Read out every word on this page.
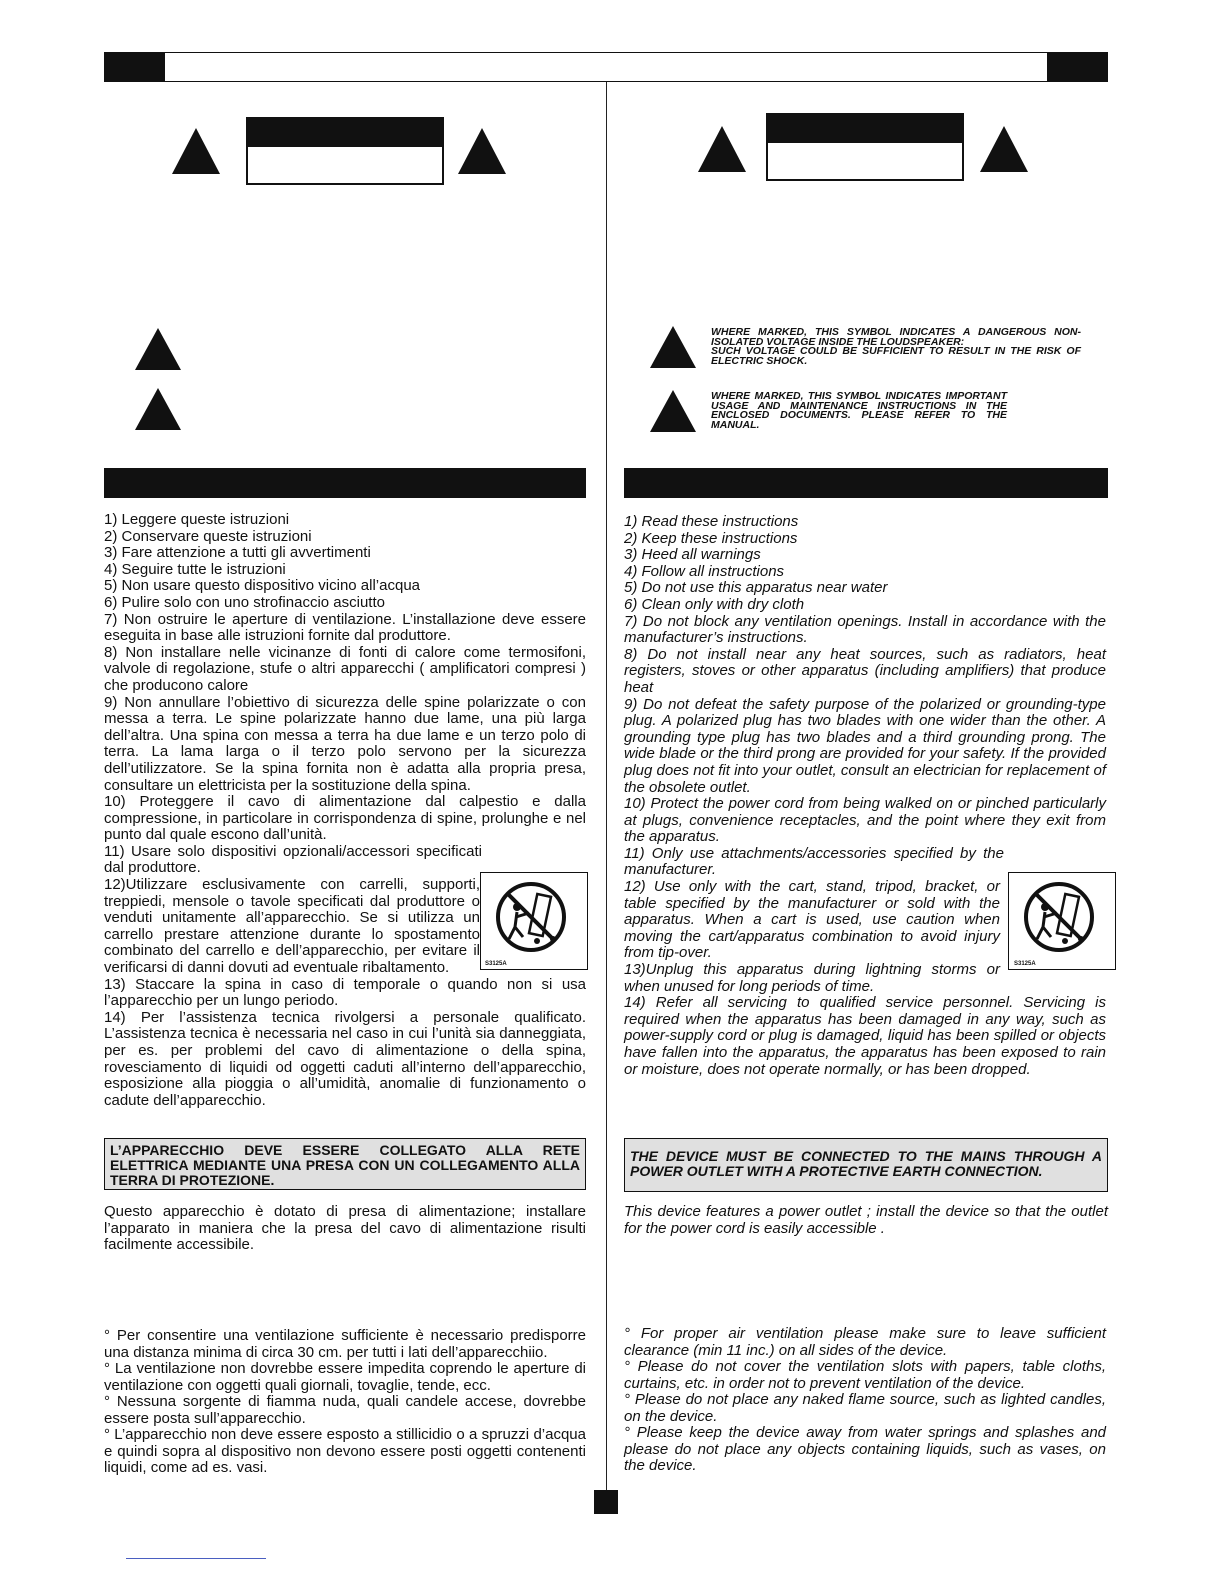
WHERE MARKED, THIS SYMBOL INDICATES A DANGEROUS NON-
ISOLATED VOLTAGE INSIDE THE LOUDSPEAKER:
SUCH VOLTAGE COULD BE SUFFICIENT TO RESULT IN THE RISK OF
ELECTRIC SHOCK.
WHERE MARKED, THIS SYMBOL INDICATES IMPORTANT
USAGE AND MAINTENANCE INSTRUCTIONS IN THE
ENCLOSED DOCUMENTS. PLEASE REFER TO THE
MANUAL.
1) Leggere queste istruzioni
2) Conservare queste istruzioni
3) Fare attenzione a tutti gli avvertimenti
4) Seguire tutte le istruzioni
5) Non usare questo dispositivo vicino all’acqua
6) Pulire solo con uno strofinaccio asciutto
7) Non ostruire le aperture di ventilazione. L’installazione deve essere eseguita in base alle istruzioni fornite dal produttore.
8) Non installare nelle vicinanze di fonti di calore come termosifoni, valvole di regolazione, stufe o altri apparecchi ( amplificatori compresi ) che producono calore
9) Non annullare l’obiettivo di sicurezza delle spine polarizzate o con messa a terra. Le spine polarizzate hanno due lame, una più larga dell’altra. Una spina con messa a terra ha due lame e un terzo polo di terra. La lama larga o il terzo polo servono per la sicurezza dell’utilizzatore. Se la spina fornita non è adatta alla propria presa, consultare un elettricista per la sostituzione della spina.
10) Proteggere il cavo di alimentazione dal calpestio e dalla compressione, in particolare in corrispondenza di spine, prolunghe e nel punto dal quale escono dall’unità.
11) Usare solo dispositivi opzionali/accessori specificati dal produttore.
12)Utilizzare esclusivamente con carrelli, supporti, treppiedi, mensole o tavole specificati dal produttore o venduti unitamente all’apparecchio. Se si utilizza un carrello prestare attenzione durante lo spostamento combinato del carrello e dell’apparecchio, per evitare il verificarsi di danni dovuti ad eventuale ribaltamento.
13) Staccare la spina in caso di temporale o quando non si usa l’apparecchio per un lungo periodo.
14) Per l’assistenza tecnica rivolgersi a personale qualificato. L’assistenza tecnica è necessaria nel caso in cui l’unità sia danneggiata, per es. per problemi del cavo di alimentazione o della spina, rovesciamento di liquidi od oggetti caduti all’interno dell’apparecchio, esposizione alla pioggia o all’umidità, anomalie di funzionamento o cadute dell’apparecchio.
S3125A
1) Read these instructions
2) Keep these instructions
3) Heed all warnings
4) Follow all instructions
5) Do not use this apparatus near water
6) Clean only with dry cloth
7) Do not block any ventilation openings. Install in accordance with the manufacturer’s instructions.
8) Do not install near any heat sources, such as radiators, heat registers, stoves or other apparatus (including amplifiers) that produce heat
9) Do not defeat the safety purpose of the polarized or grounding-type plug. A polarized plug has two blades with one wider than the other. A grounding type plug has two blades and a third grounding prong. The wide blade or the third prong are provided for your safety. If the provided plug does not fit into your outlet, consult an electrician for replacement of the obsolete outlet.
10) Protect the power cord from being walked on or pinched particularly at plugs, convenience receptacles, and the point where they exit from the apparatus.
11) Only use attachments/accessories specified by the manufacturer.
12) Use only with the cart, stand, tripod, bracket, or table specified by the manufacturer or sold with the apparatus. When a cart is used, use caution when moving the cart/apparatus combination to avoid injury from tip-over.
13)Unplug this apparatus during lightning storms or when unused for long periods of time.
14) Refer all servicing to qualified service personnel. Servicing is required when the apparatus has been damaged in any way, such as power-supply cord or plug is damaged, liquid has been spilled or objects have fallen into the apparatus, the apparatus has been exposed to rain or moisture, does not operate normally, or has been dropped.
S3125A
L’APPARECCHIO DEVE ESSERE COLLEGATO ALLA RETE ELETTRICA MEDIANTE UNA PRESA CON UN COLLEGAMENTO ALLA TERRA DI PROTEZIONE.
THE DEVICE MUST BE CONNECTED TO THE MAINS THROUGH A POWER OUTLET WITH A PROTECTIVE EARTH CONNECTION.
Questo apparecchio è dotato di presa di alimentazione; installare l’apparato in maniera che la presa del cavo di alimentazione risulti facilmente accessibile.
This device features a power outlet ; install the device so that the outlet for the power cord is easily accessible .
° Per consentire una ventilazione sufficiente è necessario predisporre una distanza minima di circa 30 cm. per tutti i lati dell’apparecchiio.
° La ventilazione non dovrebbe essere impedita coprendo le aperture di ventilazione con oggetti quali giornali, tovaglie, tende, ecc.
° Nessuna sorgente di fiamma nuda, quali candele accese, dovrebbe essere posta sull’apparecchio.
° L’apparecchio non deve essere esposto a stillicidio o a spruzzi d’acqua e quindi sopra al dispositivo non devono essere posti oggetti contenenti liquidi, come ad es. vasi.
° For proper air ventilation please make sure to leave sufficient clearance (min 11 inc.) on all sides of the device.
° Please do not cover the ventilation slots with papers, table cloths, curtains, etc. in order not to prevent ventilation of the device.
° Please do not place any naked flame source, such as lighted candles, on the device.
° Please keep the device away from water springs and splashes and please do not place any objects containing liquids, such as vases, on the device.
